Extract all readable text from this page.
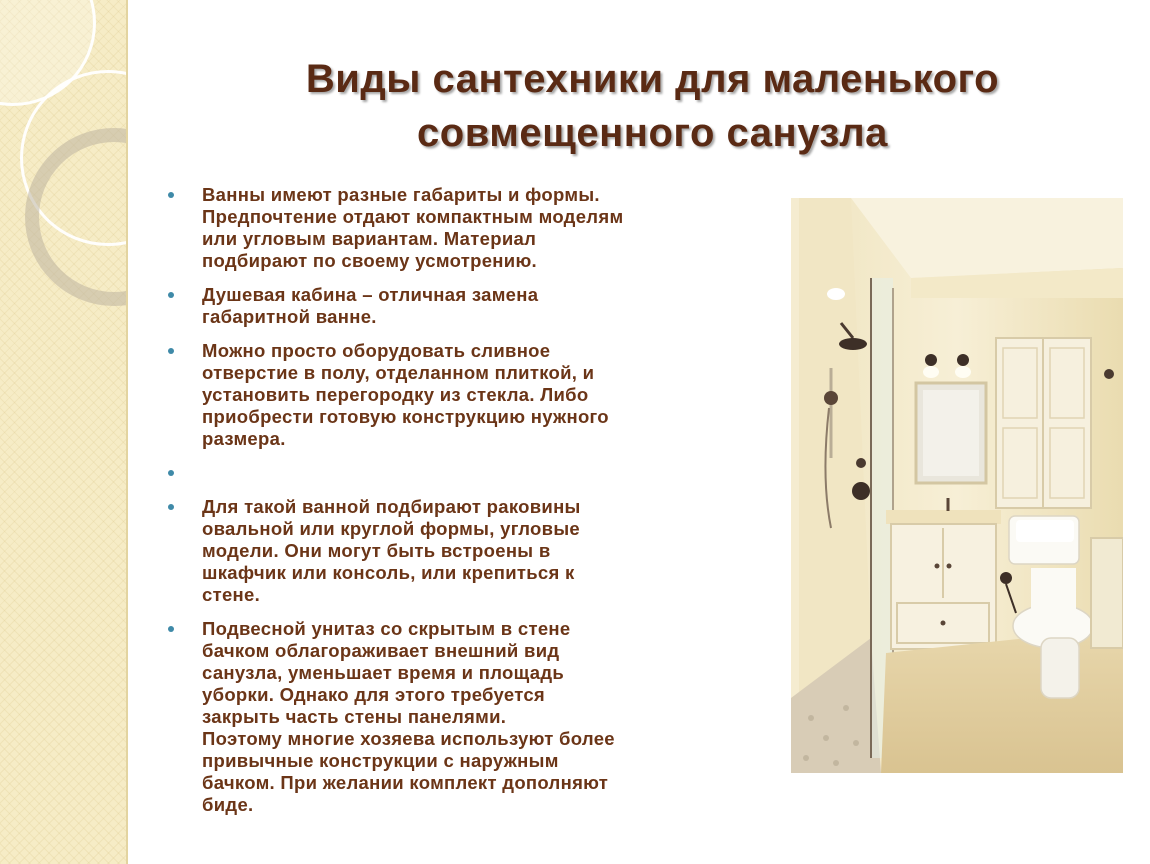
Виды сантехники для маленького
совмещенного санузла
Ванны имеют разные габариты и формы.
Предпочтение отдают компактным моделям
или угловым вариантам. Материал
подбирают по своему усмотрению.
Душевая кабина – отличная замена
габаритной ванне.
Можно просто оборудовать сливное
отверстие в полу, отделанном плиткой, и
установить перегородку из стекла. Либо
приобрести готовую конструкцию нужного
размера.
Для такой ванной подбирают раковины
овальной или круглой формы, угловые
модели. Они могут быть встроены в
шкафчик или консоль, или крепиться к
стене.
Подвесной унитаз со скрытым в стене
бачком облагораживает внешний вид
санузла, уменьшает время и площадь
уборки. Однако для этого требуется
закрыть часть стены панелями.
Поэтому многие хозяева используют более
привычные конструкции с наружным
бачком. При желании комплект дополняют
биде.
